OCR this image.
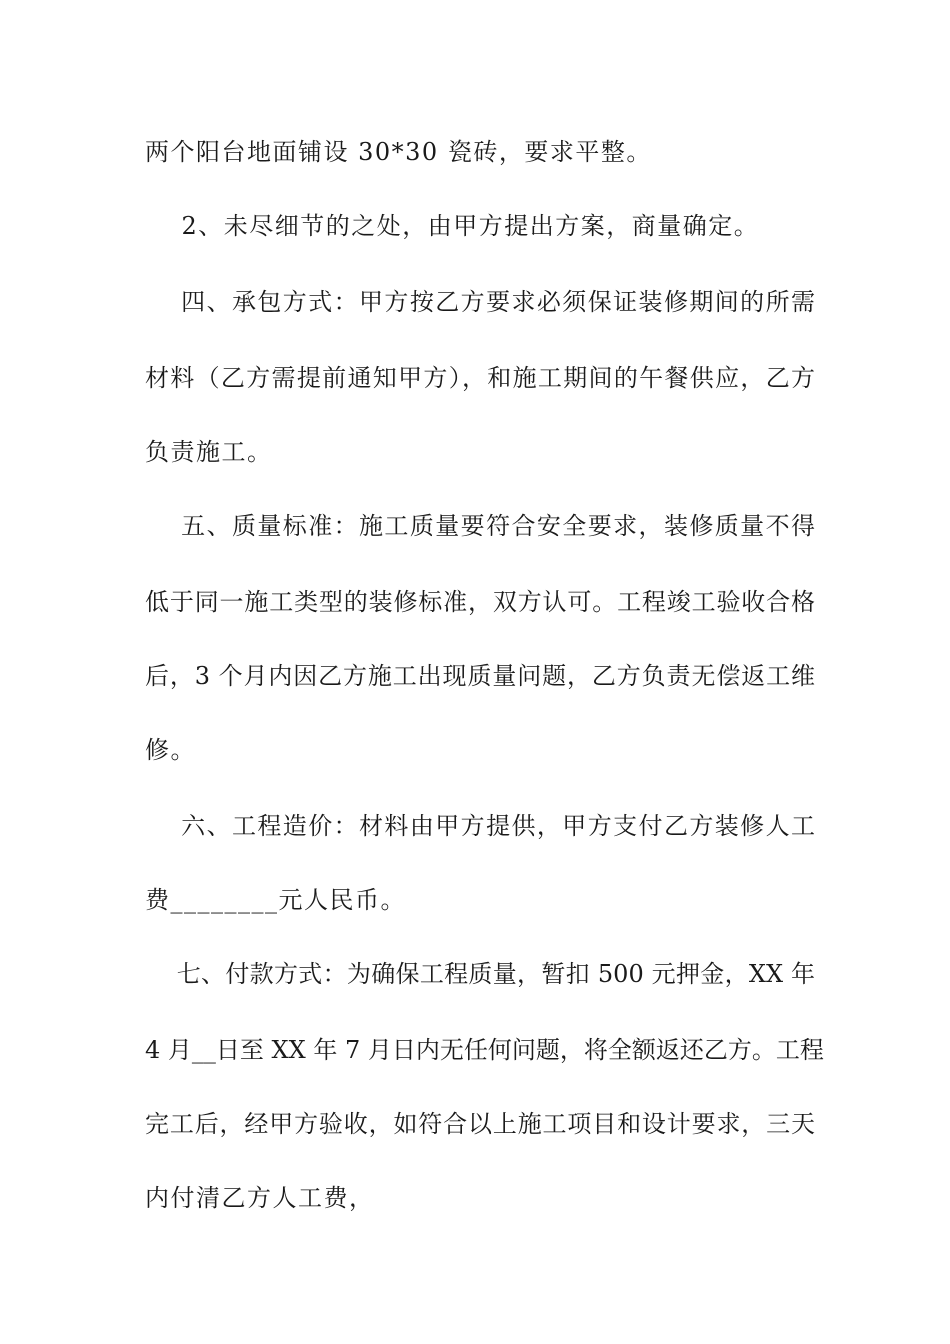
两个阳台地面铺设 30*30 瓷砖，要求平整。
2、未尽细节的之处，由甲方提出方案，商量确定。
四、承包方式：甲方按乙方要求必须保证装修期间的所需
材料（乙方需提前通知甲方），和施工期间的午餐供应，乙方
负责施工。
五、质量标准：施工质量要符合安全要求，装修质量不得
低于同一施工类型的装修标准，双方认可。工程竣工验收合格
后，3 个月内因乙方施工出现质量问题，乙方负责无偿返工维
修。
六、工程造价：材料由甲方提供，甲方支付乙方装修人工
费________元人民币。
七、付款方式：为确保工程质量，暂扣 500 元押金，XX 年
4 月__日至 XX 年 7 月日内无任何问题，将全额返还乙方。工程
完工后，经甲方验收，如符合以上施工项目和设计要求，三天
内付清乙方人工费，
